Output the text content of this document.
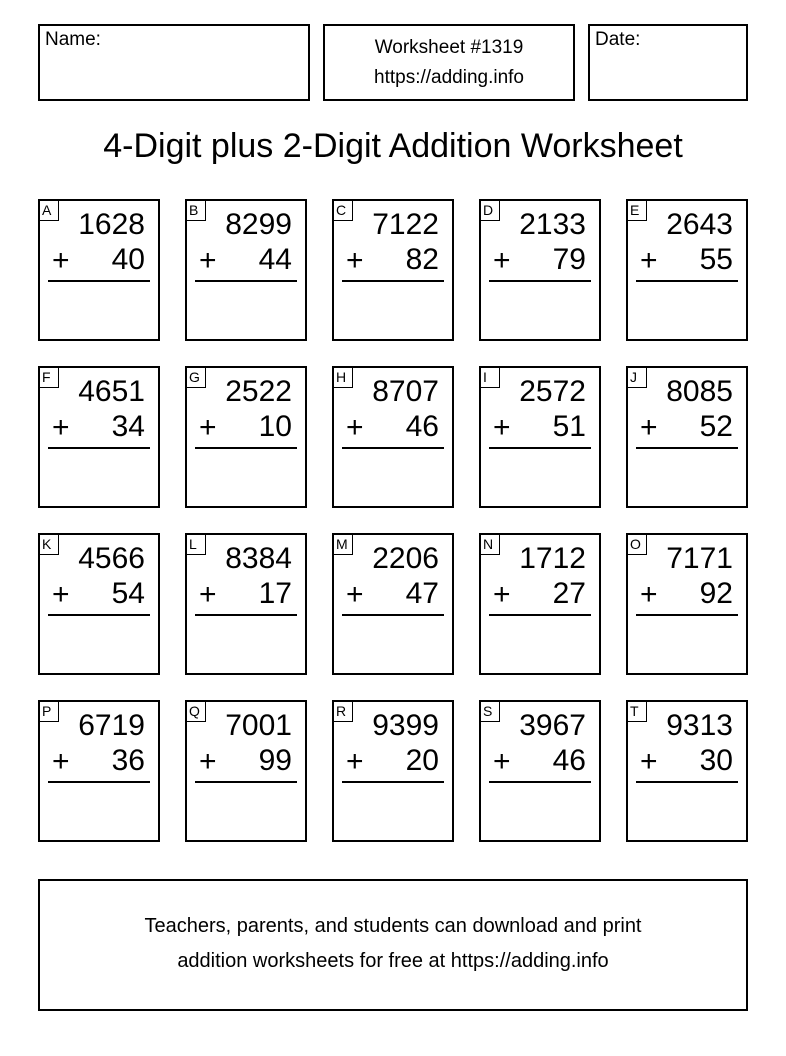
Name:	Worksheet #1319
https://adding.info
Date:
4-Digit plus 2-Digit Addition Worksheet
A 1628
+ 40
B 8299
+ 44
C 7122
+ 82
D 2133
+ 79
E 2643
+ 55
F 4651
+ 34
G 2522
+ 10
H 8707
+ 46
I	2572
+ 51
J 8085
+ 52
K 4566
+ 54
L 8384
+ 17
M 2206
+ 47
N 1712
+ 27
O 7171
+ 92
P 6719
+ 36
Q 7001
+ 99
R 9399
+ 20
S 3967
+ 46
T 9313
+ 30
Teachers, parents, and students can download and print
addition worksheets for free at https://adding.info
